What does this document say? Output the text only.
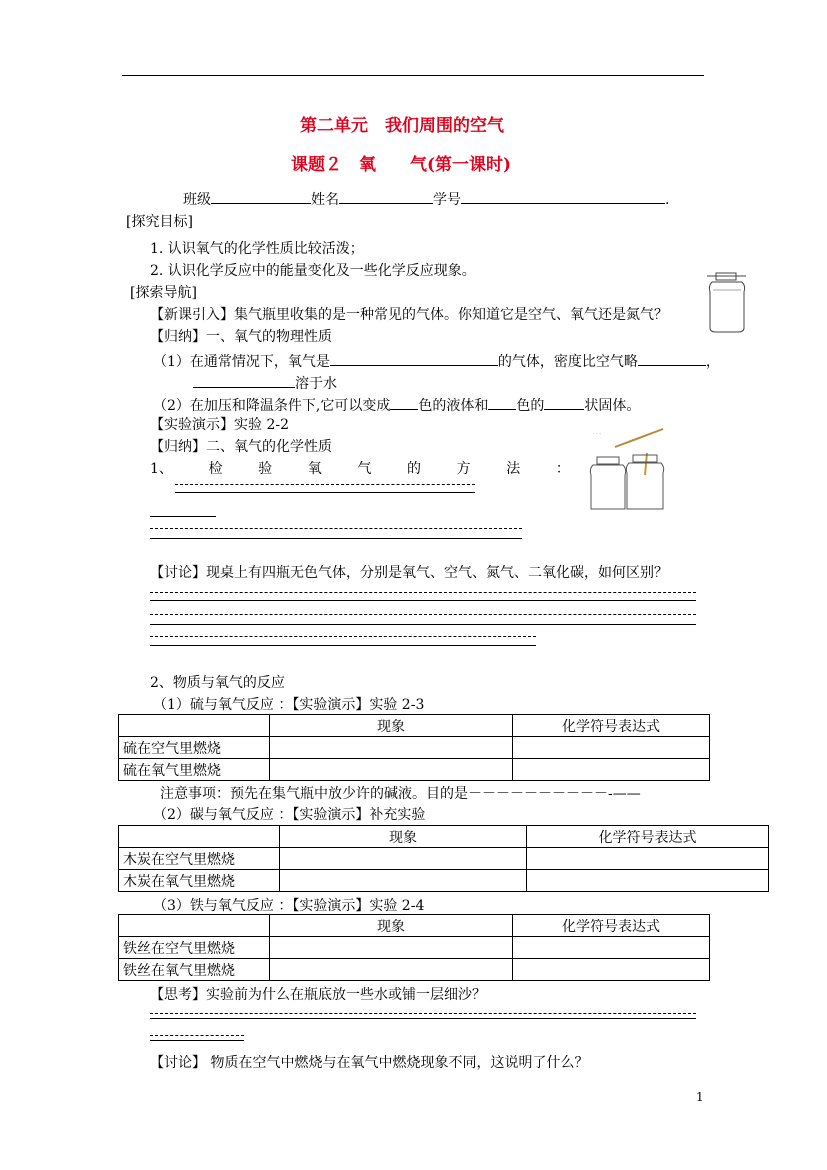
第二单元　我们周围的空气
课题２　氧　　气(第一课时)
班级	姓名	学号	.
[探究目标]
1. 认识氧气的化学性质比较活泼；
2. 认识化学反应中的能量变化及一些化学反应现象。
[探索导航]
【新课引入】集气瓶里收集的是一种常见的气体。你知道它是空气、氧气还是氮气？
【归纳】一、氧气的物理性质
（1）在通常情况下，氧气是	的气体，密度比空气略	，
溶于水
（2）在加压和降温条件下,它可以变成 色的液体和 色的	状固体。
【实验演示】实验 2-2
【归纳】二、氧气的化学性质
1、	检	验	氧	气	的	方	法	：
· · ·
【讨论】现桌上有四瓶无色气体，分别是氧气、空气、氮气、二氧化碳，如何区别？
2、物质与氧气的反应
（1）硫与氧气反应 ：【实验演示】实验 2-3
	现象	化学符号表达式
硫在空气里燃烧		
硫在氧气里燃烧		
注意事项：预先在集气瓶中放少许的碱液。目的是－－－－－－－－－－-——
（2）碳与氧气反应 ：【实验演示】补充实验
	现象	化学符号表达式
木炭在空气里燃烧		
木炭在氧气里燃烧		
（3）铁与氧气反应 ：【实验演示】实验 2-4
	现象	化学符号表达式
铁丝在空气里燃烧		
铁丝在氧气里燃烧		
【思考】实验前为什么在瓶底放一些水或铺一层细沙？
【讨论】 物质在空气中燃烧与在氧气中燃烧现象不同，这说明了什么？
1
